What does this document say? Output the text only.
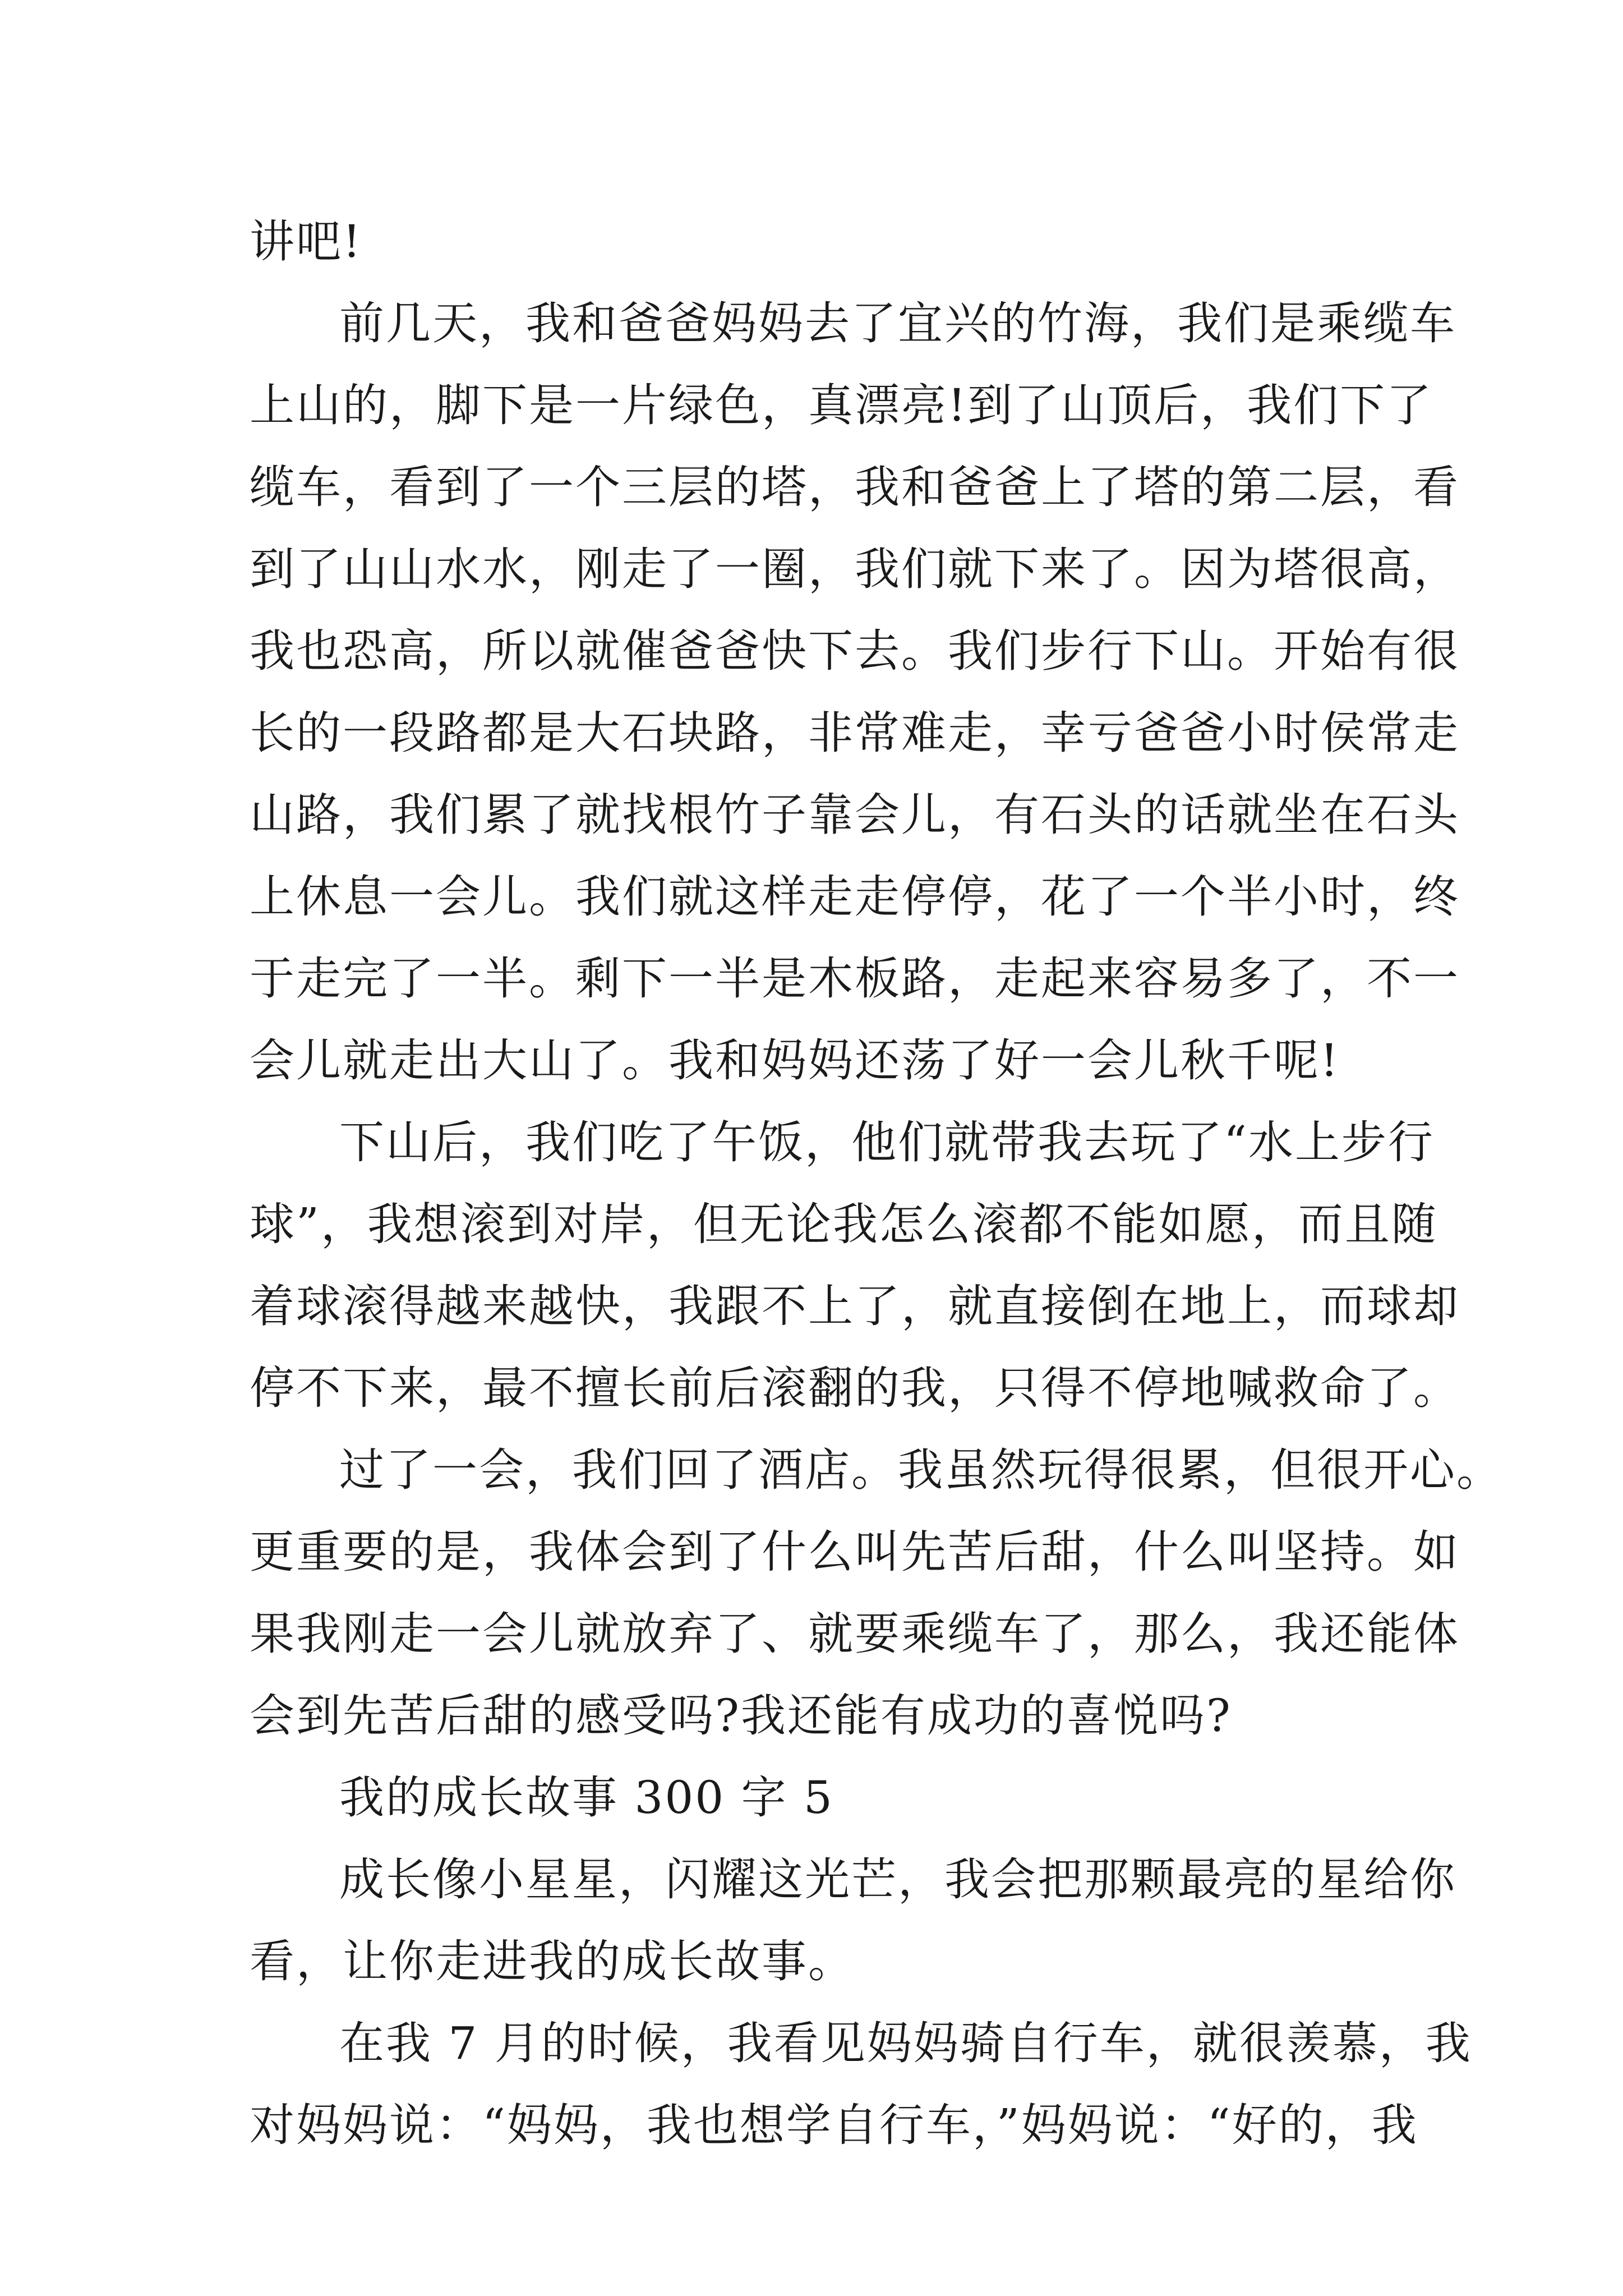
讲吧!
前几天，我和爸爸妈妈去了宜兴的竹海，我们是乘缆车
上山的，脚下是一片绿色，真漂亮!到了山顶后，我们下了
缆车，看到了一个三层的塔，我和爸爸上了塔的第二层，看
到了山山水水，刚走了一圈，我们就下来了。因为塔很高，
我也恐高，所以就催爸爸快下去。我们步行下山。开始有很
长的一段路都是大石块路，非常难走，幸亏爸爸小时侯常走
山路，我们累了就找根竹子靠会儿，有石头的话就坐在石头
上休息一会儿。我们就这样走走停停，花了一个半小时，终
于走完了一半。剩下一半是木板路，走起来容易多了，不一
会儿就走出大山了。我和妈妈还荡了好一会儿秋千呢!
下山后，我们吃了午饭，他们就带我去玩了“水上步行
球”，我想滚到对岸，但无论我怎么滚都不能如愿，而且随
着球滚得越来越快，我跟不上了，就直接倒在地上，而球却
停不下来，最不擅长前后滚翻的我，只得不停地喊救命了。
过了一会，我们回了酒店。我虽然玩得很累，但很开心。
更重要的是，我体会到了什么叫先苦后甜，什么叫坚持。如
果我刚走一会儿就放弃了、就要乘缆车了，那么，我还能体
会到先苦后甜的感受吗?我还能有成功的喜悦吗?
我的成长故事 300 字 5
成长像小星星，闪耀这光芒，我会把那颗最亮的星给你
看，让你走进我的成长故事。
在我 7 月的时候，我看见妈妈骑自行车，就很羡慕，我
对妈妈说：“妈妈，我也想学自行车，”妈妈说：“好的，我
